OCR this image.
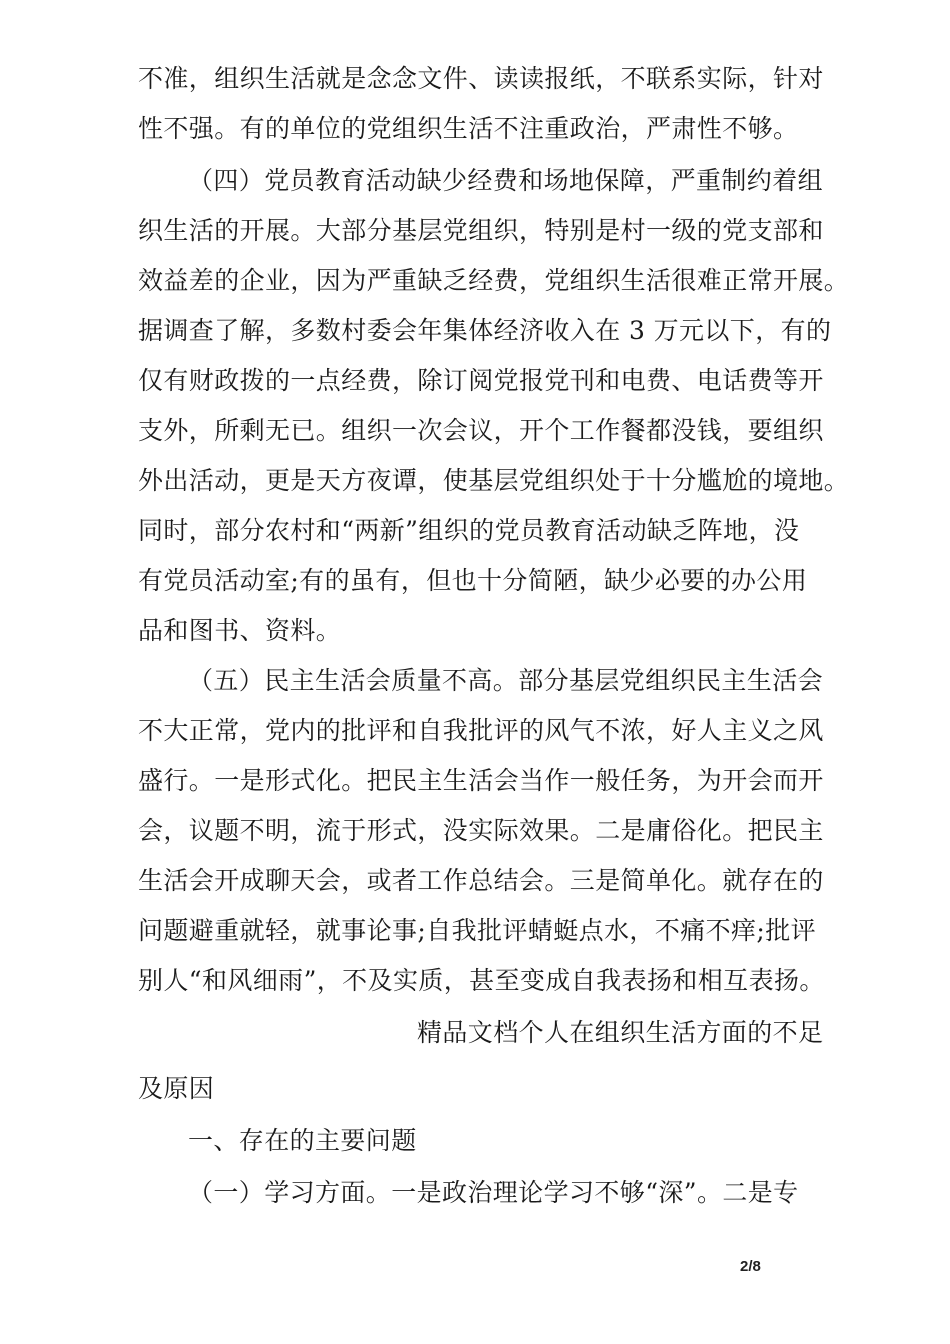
不准，组织生活就是念念文件、读读报纸，不联系实际，针对
性不强。有的单位的党组织生活不注重政治，严肃性不够。
（四）党员教育活动缺少经费和场地保障，严重制约着组
织生活的开展。大部分基层党组织，特别是村一级的党支部和
效益差的企业，因为严重缺乏经费，党组织生活很难正常开展。
据调查了解，多数村委会年集体经济收入在 3 万元以下，有的
仅有财政拨的一点经费，除订阅党报党刊和电费、电话费等开
支外，所剩无已。组织一次会议，开个工作餐都没钱，要组织
外出活动，更是天方夜谭，使基层党组织处于十分尴尬的境地。
同时，部分农村和“两新”组织的党员教育活动缺乏阵地，没
有党员活动室;有的虽有，但也十分简陋，缺少必要的办公用
品和图书、资料。
（五）民主生活会质量不高。部分基层党组织民主生活会
不大正常，党内的批评和自我批评的风气不浓，好人主义之风
盛行。一是形式化。把民主生活会当作一般任务，为开会而开
会，议题不明，流于形式，没实际效果。二是庸俗化。把民主
生活会开成聊天会，或者工作总结会。三是简单化。就存在的
问题避重就轻，就事论事;自我批评蜻蜓点水，不痛不痒;批评
别人“和风细雨”，不及实质，甚至变成自我表扬和相互表扬。
精品文档个人在组织生活方面的不足
及原因
一、存在的主要问题
（一）学习方面。一是政治理论学习不够“深”。二是专
2/8
